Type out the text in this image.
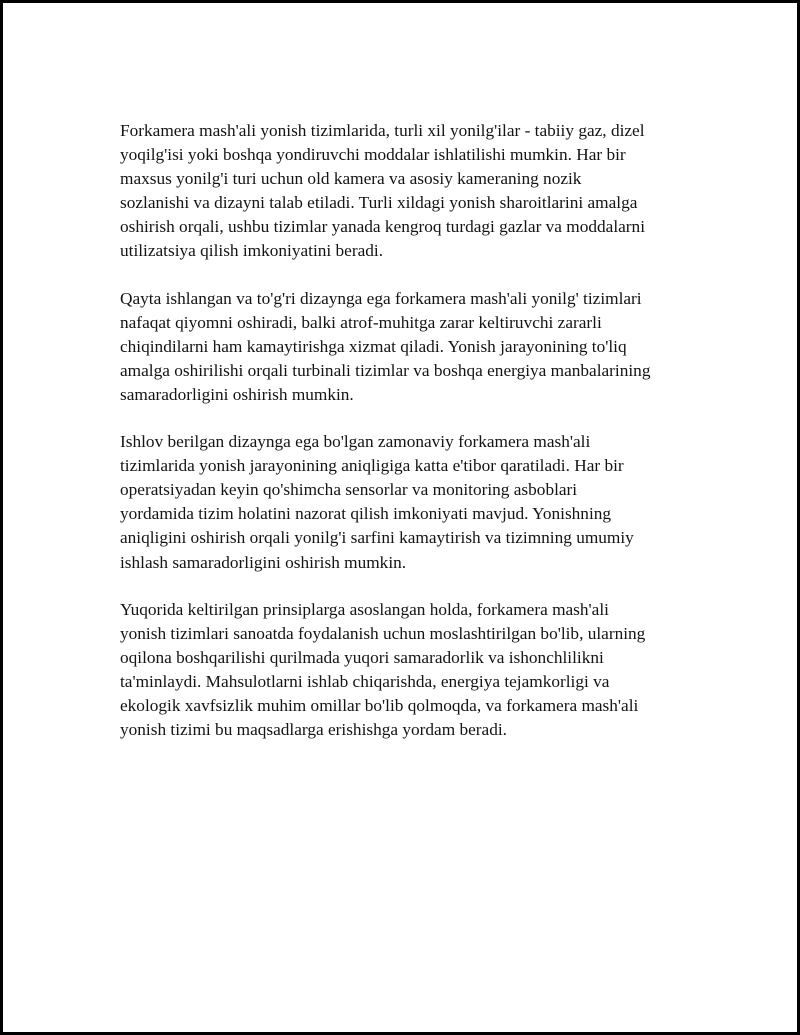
Forkamera mash'ali yonish tizimlarida, turli xil yonilg'ilar - tabiiy gaz, dizel
yoqilg'isi yoki boshqa yondiruvchi moddalar ishlatilishi mumkin. Har bir
maxsus yonilg'i turi uchun old kamera va asosiy kameraning nozik
sozlanishi va dizayni talab etiladi. Turli xildagi yonish sharoitlarini amalga
oshirish orqali, ushbu tizimlar yanada kengroq turdagi gazlar va moddalarni
utilizatsiya qilish imkoniyatini beradi.

Qayta ishlangan va to'g'ri dizaynga ega forkamera mash'ali yonilg' tizimlari
nafaqat qiyomni oshiradi, balki atrof-muhitga zarar keltiruvchi zararli
chiqindilarni ham kamaytirishga xizmat qiladi. Yonish jarayonining to'liq
amalga oshirilishi orqali turbinali tizimlar va boshqa energiya manbalarining
samaradorligini oshirish mumkin.

Ishlov berilgan dizaynga ega bo'lgan zamonaviy forkamera mash'ali
tizimlarida yonish jarayonining aniqligiga katta e'tibor qaratiladi. Har bir
operatsiyadan keyin qo'shimcha sensorlar va monitoring asboblari
yordamida tizim holatini nazorat qilish imkoniyati mavjud. Yonishning
aniqligini oshirish orqali yonilg'i sarfini kamaytirish va tizimning umumiy
ishlash samaradorligini oshirish mumkin.

Yuqorida keltirilgan prinsiplarga asoslangan holda, forkamera mash'ali
yonish tizimlari sanoatda foydalanish uchun moslashtirilgan bo'lib, ularning
oqilona boshqarilishi qurilmada yuqori samaradorlik va ishonchlilikni
ta'minlaydi. Mahsulotlarni ishlab chiqarishda, energiya tejamkorligi va
ekologik xavfsizlik muhim omillar bo'lib qolmoqda, va forkamera mash'ali
yonish tizimi bu maqsadlarga erishishga yordam beradi.
